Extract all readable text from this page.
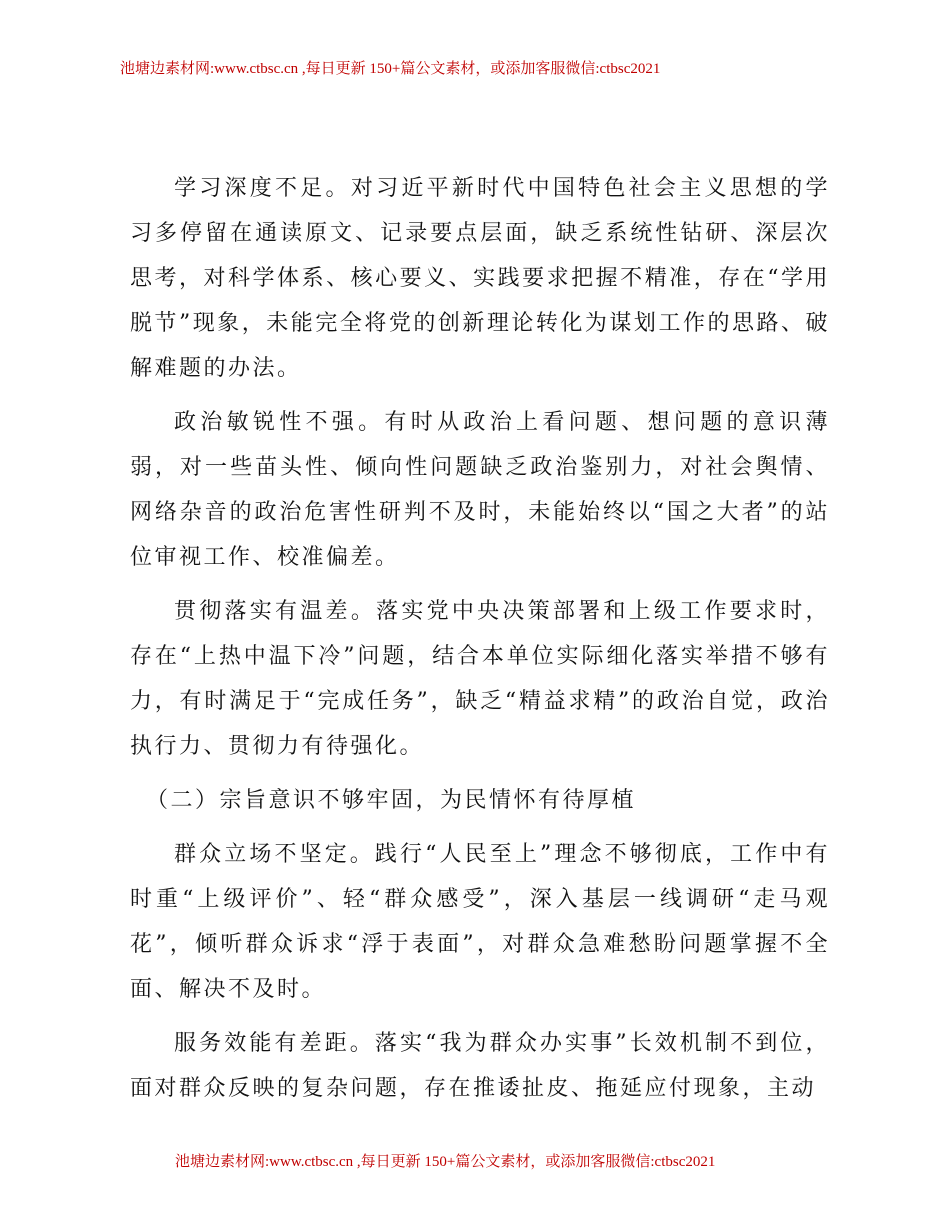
池塘边素材网:www.ctbsc.cn ,每日更新 150+篇公文素材，或添加客服微信:ctbsc2021

学习深度不足。对习近平新时代中国特色社会主义思想的学习多停留在通读原文、记录要点层面，缺乏系统性钻研、深层次思考，对科学体系、核心要义、实践要求把握不精准，存在“学用脱节”现象，未能完全将党的创新理论转化为谋划工作的思路、破解难题的办法。

政治敏锐性不强。有时从政治上看问题、想问题的意识薄弱，对一些苗头性、倾向性问题缺乏政治鉴别力，对社会舆情、网络杂音的政治危害性研判不及时，未能始终以“国之大者”的站位审视工作、校准偏差。

贯彻落实有温差。落实党中央决策部署和上级工作要求时，存在“上热中温下冷”问题，结合本单位实际细化落实举措不够有力，有时满足于“完成任务”，缺乏“精益求精”的政治自觉，政治执行力、贯彻力有待强化。

（二）宗旨意识不够牢固，为民情怀有待厚植

群众立场不坚定。践行“人民至上”理念不够彻底，工作中有时重“上级评价”、轻“群众感受”，深入基层一线调研“走马观花”，倾听群众诉求“浮于表面”，对群众急难愁盼问题掌握不全面、解决不及时。

服务效能有差距。落实“我为群众办实事”长效机制不到位，面对群众反映的复杂问题，存在推诿扯皮、拖延应付现象，主动

池塘边素材网:www.ctbsc.cn ,每日更新 150+篇公文素材，或添加客服微信:ctbsc2021
